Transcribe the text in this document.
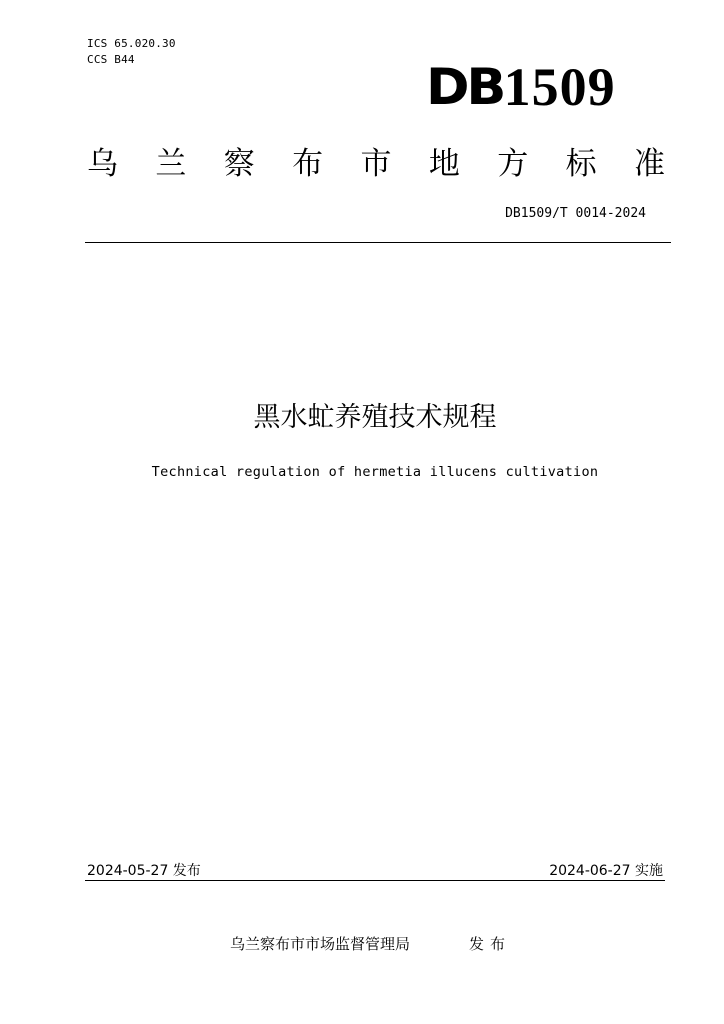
ICS 65.020.30
CCS B44	DB 1509
乌 兰 察 布 市 地 方 标 准
DB1509/T 0014-2024
黑水虻养殖技术规程
Technical regulation of hermetia illucens cultivation
2024-05-27 发布	2024-06-27 实施
乌兰察布市市场监督管理局	发布
